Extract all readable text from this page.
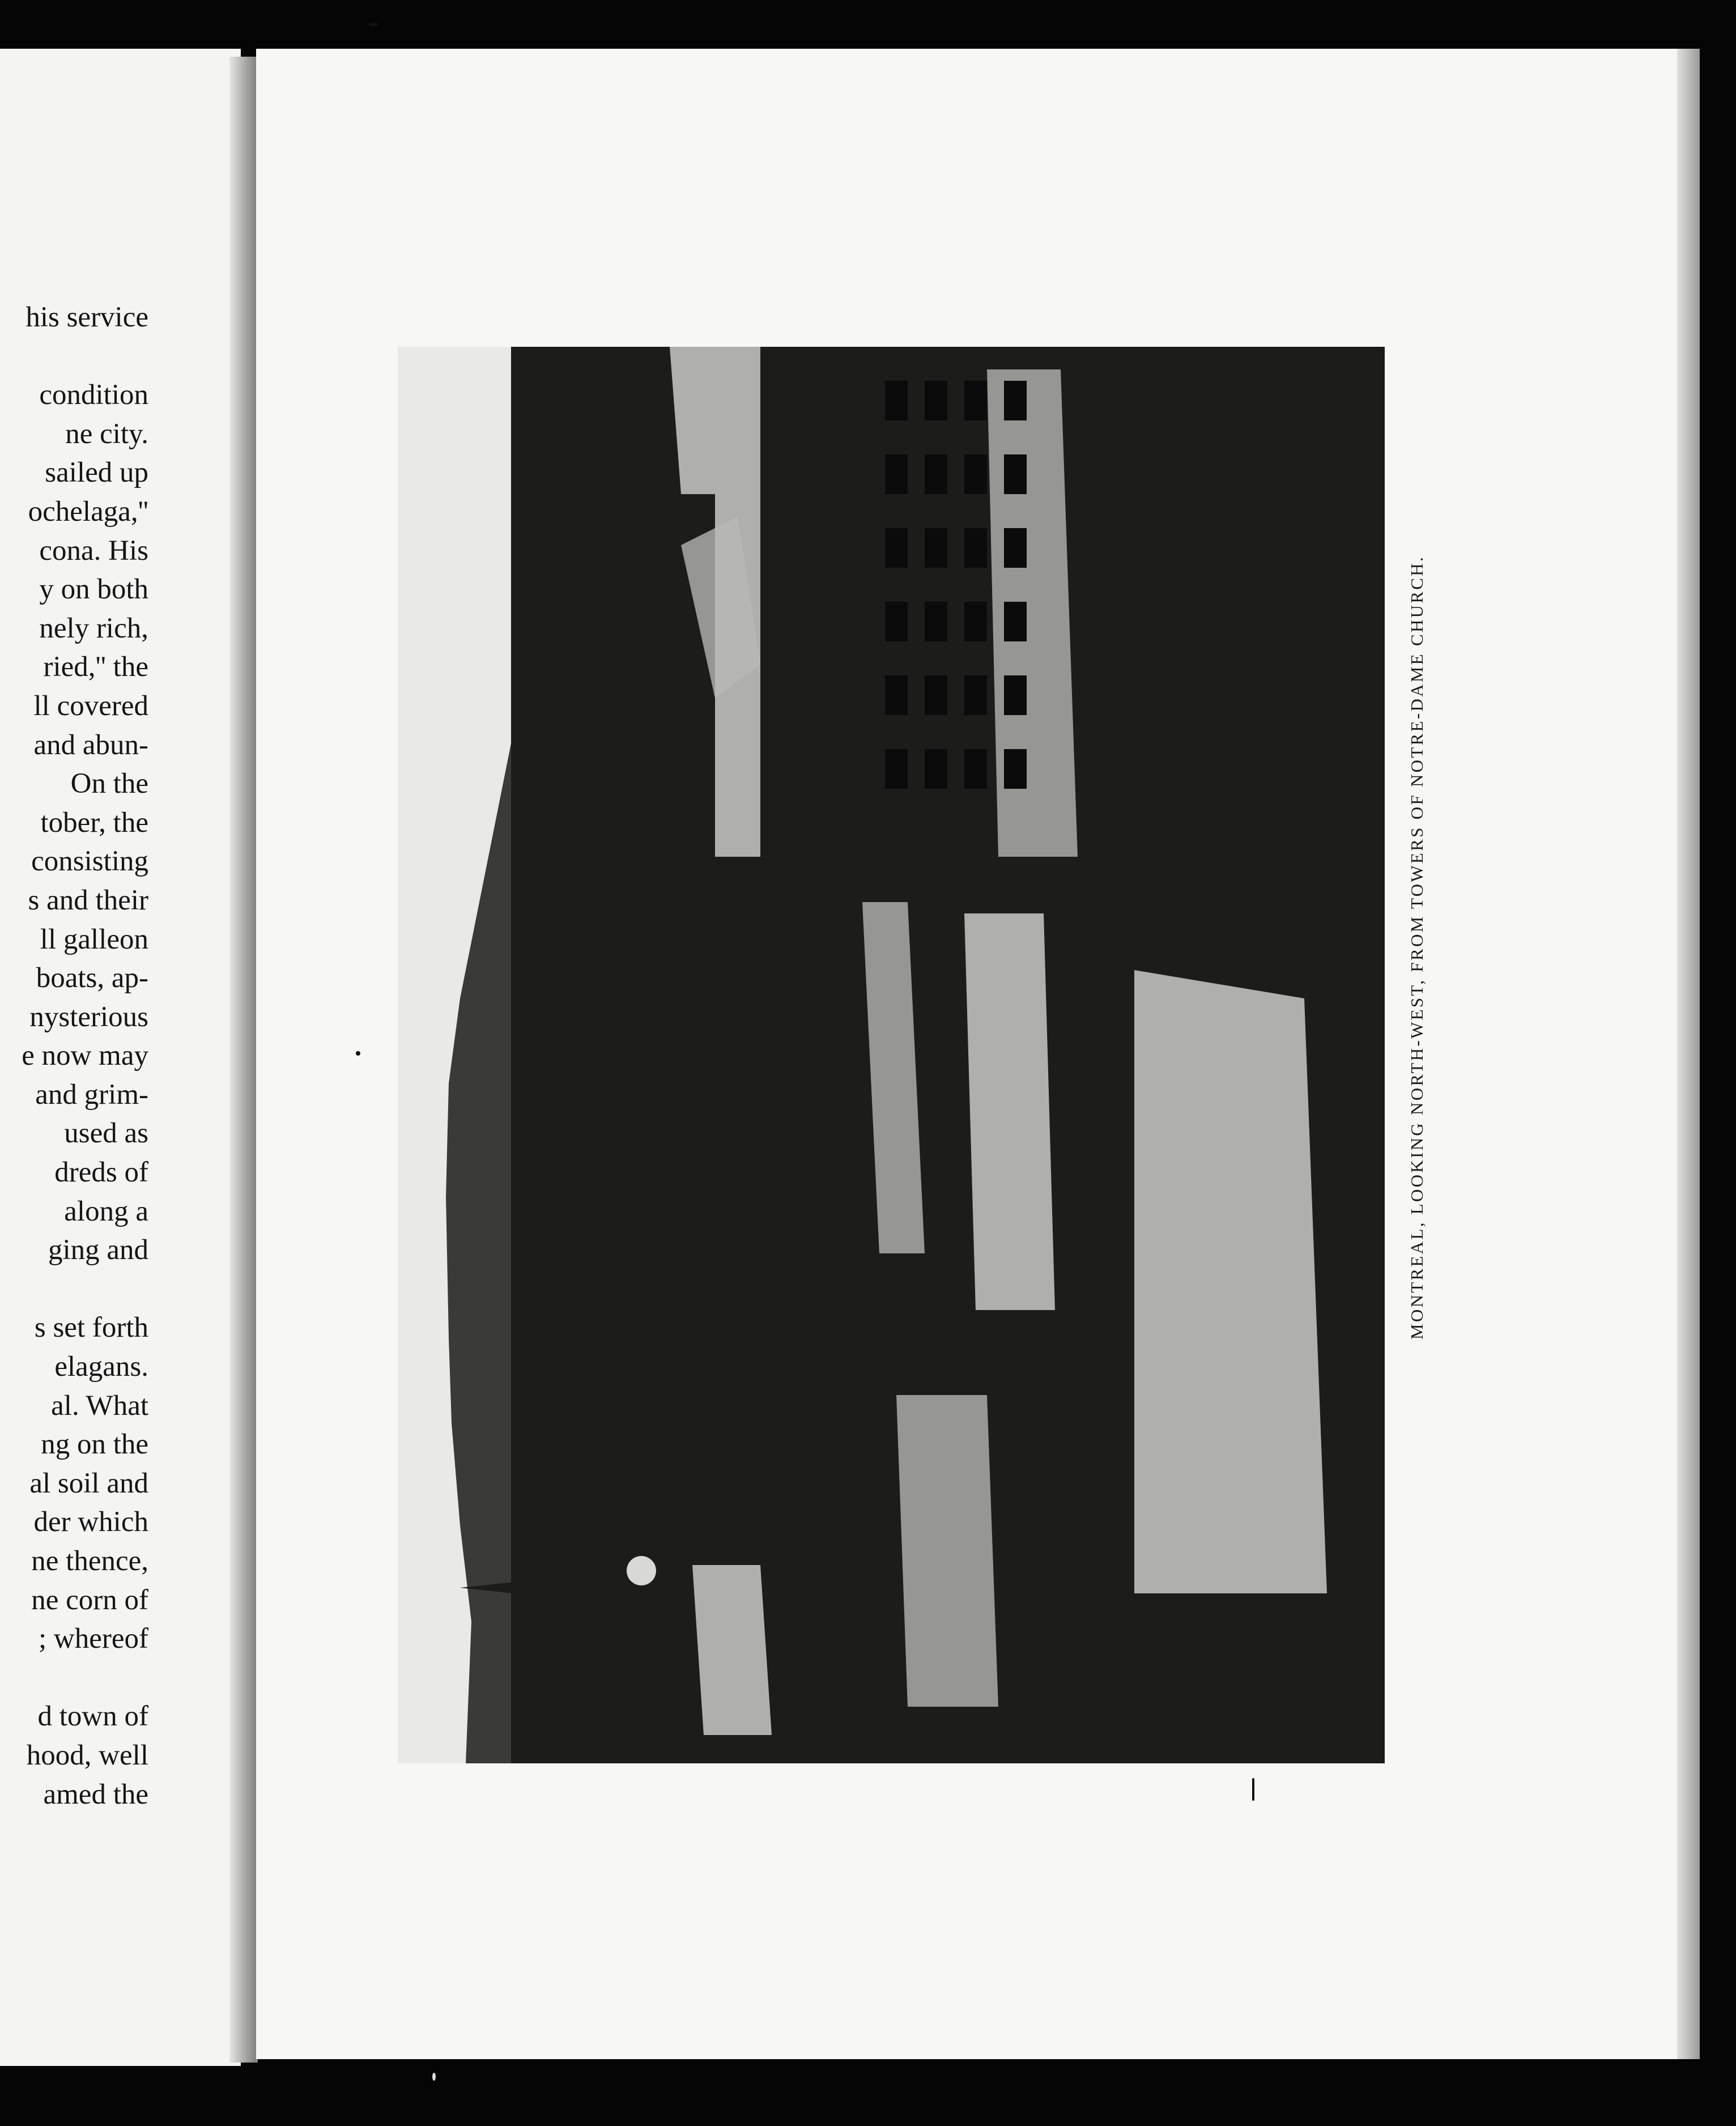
his service
condition
ne city.
sailed up
ochelaga,''
cona. His
y on both
nely rich,
ried,'' the
ll covered
and abun-
On the
tober, the
consisting
s and their
ll galleon
boats, ap-
nysterious
e now may
and grim-
used as
dreds of
along a
ging and
s set forth
elagans.
al. What
ng on the
al soil and
der which
ne thence,
ne corn of
; whereof
d town of
hood, well
amed the
MONTREAL, LOOKING NORTH-WEST, FROM TOWERS OF NOTRE-DAME CHURCH.
